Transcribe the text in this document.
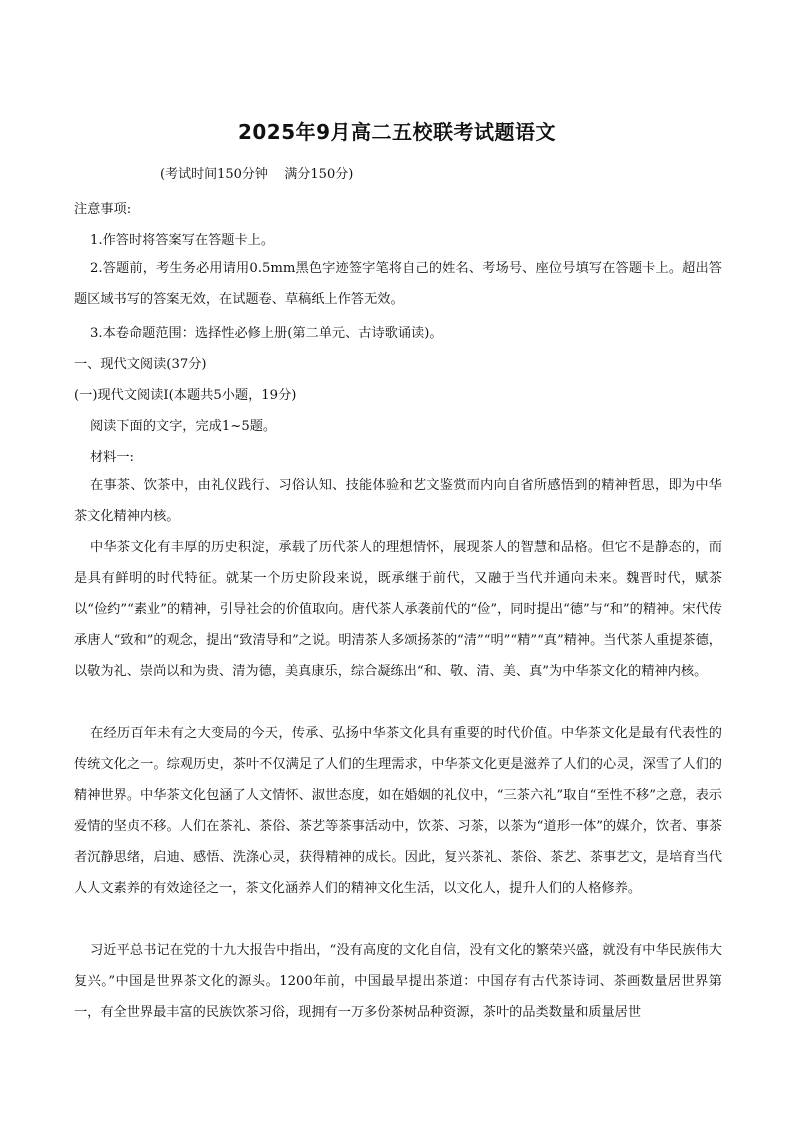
2025年9月高二五校联考试题语文
(考试时间150分钟    满分150分)
注意事项:
1.作答时将答案写在答题卡上。
2.答题前，考生务必用请用0.5mm黑色字迹签字笔将自己的姓名、考场号、座位号填写在答题卡上。超出答题区域书写的答案无效，在试题卷、草稿纸上作答无效。
3.本卷命题范围：选择性必修上册(第二单元、古诗歌诵读)。
一、现代文阅读(37分)
(一)现代文阅读Ⅰ(本题共5小题，19分)
阅读下面的文字，完成1~5题。
材料一:
在事茶、饮茶中，由礼仪践行、习俗认知、技能体验和艺文鉴赏而内向自省所感悟到的精神哲思，即为中华茶文化精神内核。
中华茶文化有丰厚的历史积淀，承载了历代茶人的理想情怀，展现茶人的智慧和品格。但它不是静态的，而是具有鲜明的时代特征。就某一个历史阶段来说，既承继于前代，又融于当代并通向未来。魏晋时代，赋茶以“俭约”“素业”的精神，引导社会的价值取向。唐代茶人承袭前代的“俭”，同时提出“德”与“和”的精神。宋代传承唐人“致和”的观念，提出“致清导和”之说。明清茶人多颂扬茶的“清”“明”“精”“真”精神。当代茶人重提茶德，以敬为礼、崇尚以和为贵、清为德，美真康乐，综合凝练出“和、敬、清、美、真”为中华茶文化的精神内核。
在经历百年未有之大变局的今天，传承、弘扬中华茶文化具有重要的时代价值。中华茶文化是最有代表性的传统文化之一。综观历史，茶叶不仅满足了人们的生理需求，中华茶文化更是滋养了人们的心灵，深雪了人们的精神世界。中华茶文化包涵了人文情怀、淑世态度，如在婚姻的礼仪中，“三茶六礼”取自“至性不移”之意，表示爱情的坚贞不移。人们在茶礼、茶俗、茶艺等茶事活动中，饮茶、习茶，以茶为“道形一体”的媒介，饮者、事茶者沉静思绪，启迪、感悟、洗涤心灵，获得精神的成长。因此，复兴茶礼、茶俗、茶艺、茶事艺文，是培育当代人人文素养的有效途径之一，茶文化涵养人们的精神文化生活，以文化人，提升人们的人格修养。
习近平总书记在党的十九大报告中指出，“没有高度的文化自信，没有文化的繁荣兴盛，就没有中华民族伟大复兴。”中国是世界茶文化的源头。1200年前，中国最早提出茶道：中国存有古代茶诗词、茶画数量居世界第一，有全世界最丰富的民族饮茶习俗，现拥有一万多份茶树品种资源，茶叶的品类数量和质量居世
